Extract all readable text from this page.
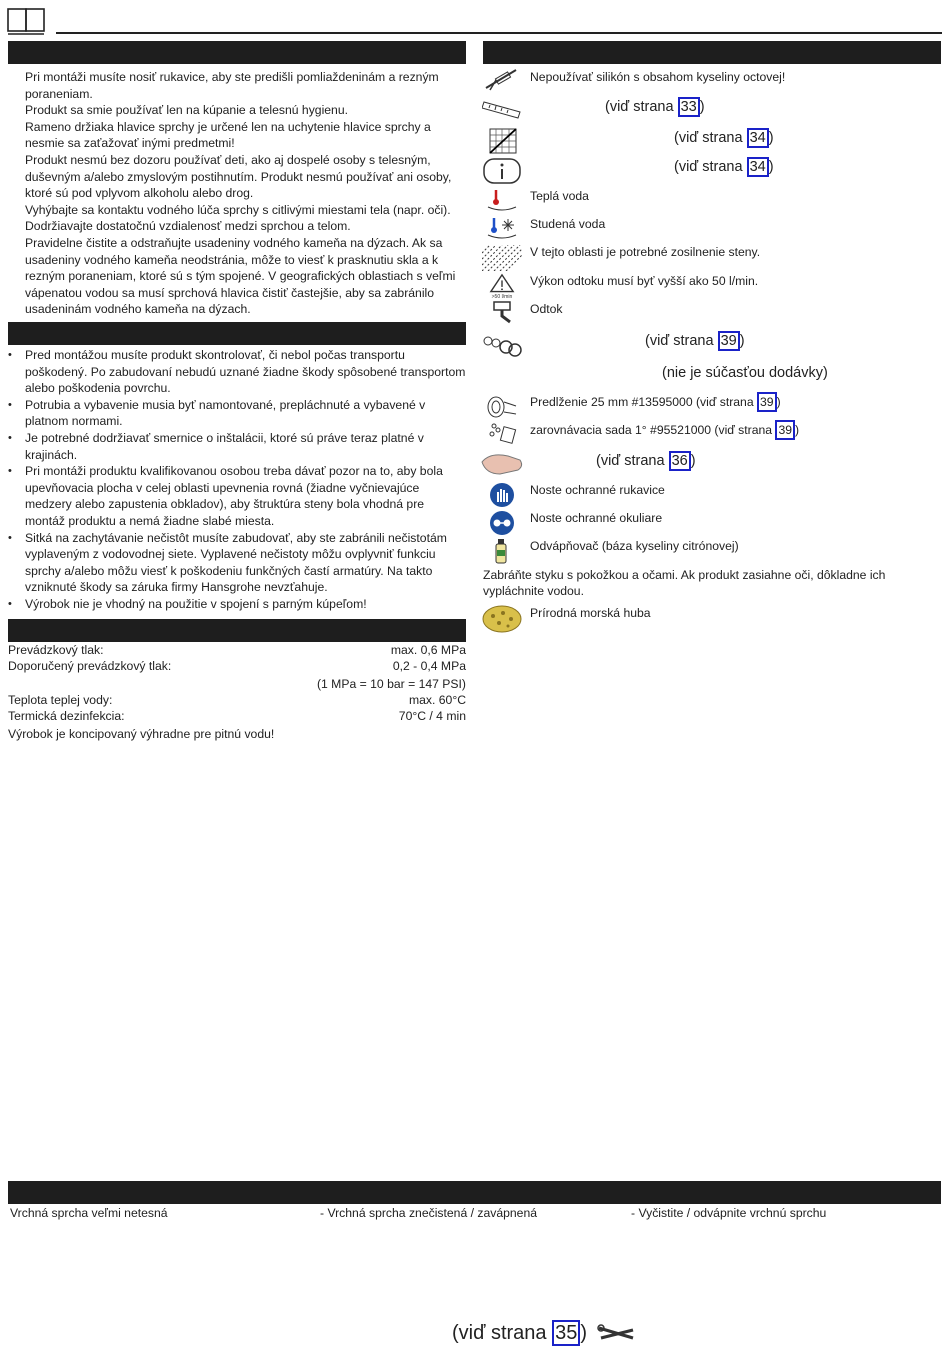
Pri montáži musíte nosiť rukavice, aby ste predišli pomliaždeninám a rezným poraneniam.

Produkt sa smie používať len na kúpanie a telesnú hygienu.

Rameno držiaka hlavice sprchy je určené len na uchytenie hlavice sprchy a nesmie sa zaťažovať inými predmetmi!

Produkt nesmú bez dozoru používať deti, ako aj dospelé osoby s telesným, duševným a/alebo zmyslovým postihnutím. Produkt nesmú používať ani osoby, ktoré sú pod vplyvom alkoholu alebo drog.

Vyhýbajte sa kontaktu vodného lúča sprchy s citlivými miestami tela (napr. oči). Dodržiavajte dostatočnú vzdialenosť medzi sprchou a telom.

Pravidelne čistite a odstraňujte usadeniny vodného kameňa na dýzach. Ak sa usadeniny vodného kameňa neodstránia, môže to viesť k prasknutiu skla a k rezným poraneniam, ktoré sú s tým spojené. V geografických oblastiach s veľmi vápenatou vodou sa musí sprchová hlavica čistiť častejšie, aby sa zabránilo usadeninám vodného kameňa na dýzach.

•	Pred montážou musíte produkt skontrolovať, či nebol počas transportu poškodený. Po zabudovaní nebudú uznané žiadne škody spôsobené transportom alebo poškodenia povrchu.
•	Potrubia a vybavenie musia byť namontované, prepláchnuté a vybavené v platnom normami.
•	Je potrebné dodržiavať smernice o inštalácii, ktoré sú práve teraz platné v krajinách.
•	Pri montáži produktu kvalifikovanou osobou treba dávať pozor na to, aby bola upevňovacia plocha v celej oblasti upevnenia rovná (žiadne vyčnievajúce medzery alebo zapustenia obkladov), aby štruktúra steny bola vhodná pre montáž produktu a nemá žiadne slabé miesta.
•	Sitká na zachytávanie nečistôt musíte zabudovať, aby ste zabránili nečistotám vyplaveným z vodovodnej siete. Vyplavené nečistoty môžu ovplyvniť funkciu sprchy a/alebo môžu viesť k poškodeniu funkčných častí armatúry. Na takto vzniknuté škody sa záruka firmy Hansgrohe nevzťahuje.
•	Výrobok nie je vhodný na použitie v spojení s parným kúpeľom!
Prevádzkový tlak:	max. 0,6 MPa
Doporučený prevádzkový tlak:	0,2 - 0,4 MPa
(1 MPa = 10 bar = 147 PSI)
Teplota teplej vody:	max. 60°C
Termická dezinfekcia:	70°C / 4 min
Výrobok je koncipovaný výhradne pre pitnú vodu!
Nepoužívať silikón s obsahom kyseliny octovej!
(viď strana 33 )
(viď strana 34 )
(viď strana 34 )
Teplá voda
Studená voda
V tejto oblasti je potrebné zosilnenie steny.
>50 l/min
Výkon odtoku musí byť vyšší ako 50 l/min.
Odtok
(viď strana 39 )
(nie je súčasťou dodávky)
Predlženie 25 mm #13595000 (viď strana 39 )
zarovnávacia sada 1° #95521000 (viď strana 39 )
(viď strana 36 )
Noste ochranné rukavice
Noste ochranné okuliare
Odvápňovač (báza kyseliny citrónovej)
Zabráňte styku s pokožkou a očami. Ak produkt zasiahne oči, dôkladne ich vypláchnite vodou.
Prírodná morská huba
Vrchná sprcha veľmi netesná	- Vrchná sprcha znečistená / zavápnená	- Vyčistite / odvápnite vrchnú sprchu
(viď strana 35 )
